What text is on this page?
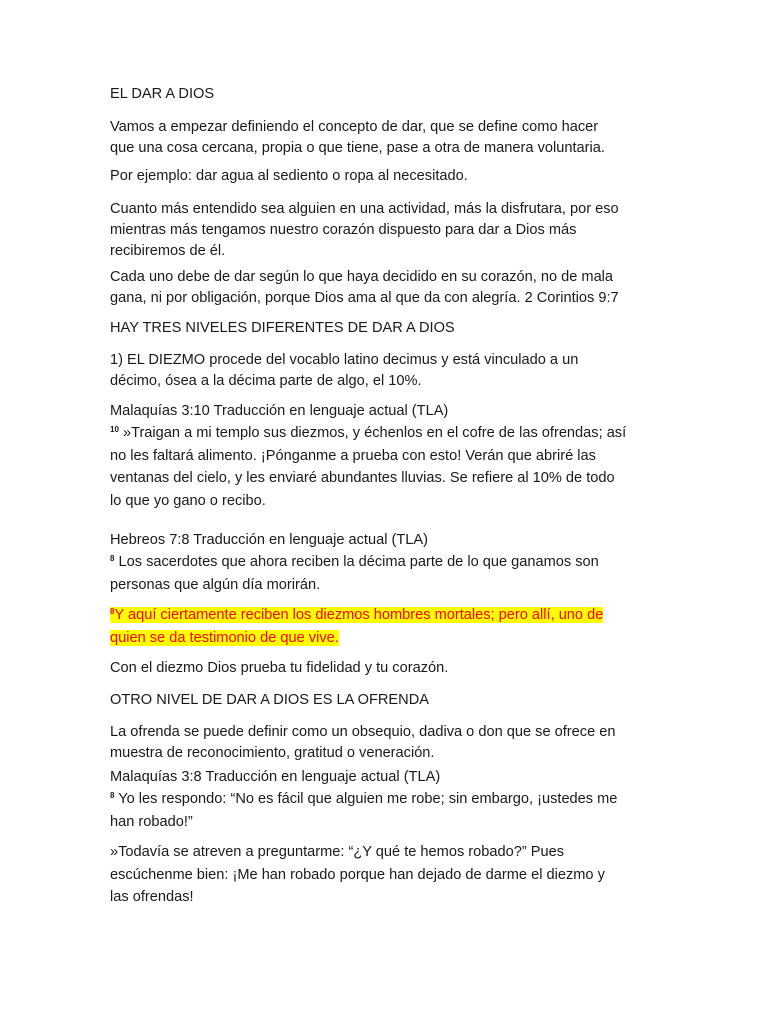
EL DAR A DIOS

Vamos a empezar definiendo el concepto de dar, que se define como hacer
que una cosa cercana, propia o que tiene, pase a otra de manera voluntaria.

Por ejemplo: dar agua al sediento o ropa al necesitado.

Cuanto más entendido sea alguien en una actividad, más la disfrutara, por eso
mientras más tengamos nuestro corazón dispuesto para dar a Dios más
recibiremos de él.

Cada uno debe de dar según lo que haya decidido en su corazón, no de mala
gana, ni por obligación, porque Dios ama al que da con alegría. 2 Corintios 9:7

HAY TRES NIVELES DIFERENTES DE DAR A DIOS

1) EL DIEZMO procede del vocablo latino decimus y está vinculado a un
décimo, ósea a la décima parte de algo, el 10%.

Malaquías 3:10 Traducción en lenguaje actual (TLA)

$^{10}$ »Traigan a mi templo sus diezmos, y échenlos en el cofre de las ofrendas; así
no les faltará alimento. ¡Pónganme a prueba con esto! Verán que abriré las
ventanas del cielo, y les enviaré abundantes lluvias. Se refiere al 10% de todo
lo que yo gano o recibo.

Hebreos 7:8 Traducción en lenguaje actual (TLA)

$^8$ Los sacerdotes que ahora reciben la décima parte de lo que ganamos son
personas que algún día morirán.

$^8$Y aquí ciertamente reciben los diezmos hombres mortales; pero allí, uno de
quien se da testimonio de que vive.

Con el diezmo Dios prueba tu fidelidad y tu corazón.

OTRO NIVEL DE DAR A DIOS ES LA OFRENDA

La ofrenda se puede definir como un obsequio, dadiva o don que se ofrece en
muestra de reconocimiento, gratitud o veneración.

Malaquías 3:8 Traducción en lenguaje actual (TLA)

$^8$ Yo les respondo: “No es fácil que alguien me robe; sin embargo, ¡ustedes me
han robado!”

»Todavía se atreven a preguntarme: “¿Y qué te hemos robado?” Pues
escúchenme bien: ¡Me han robado porque han dejado de darme el diezmo y
las ofrendas!
